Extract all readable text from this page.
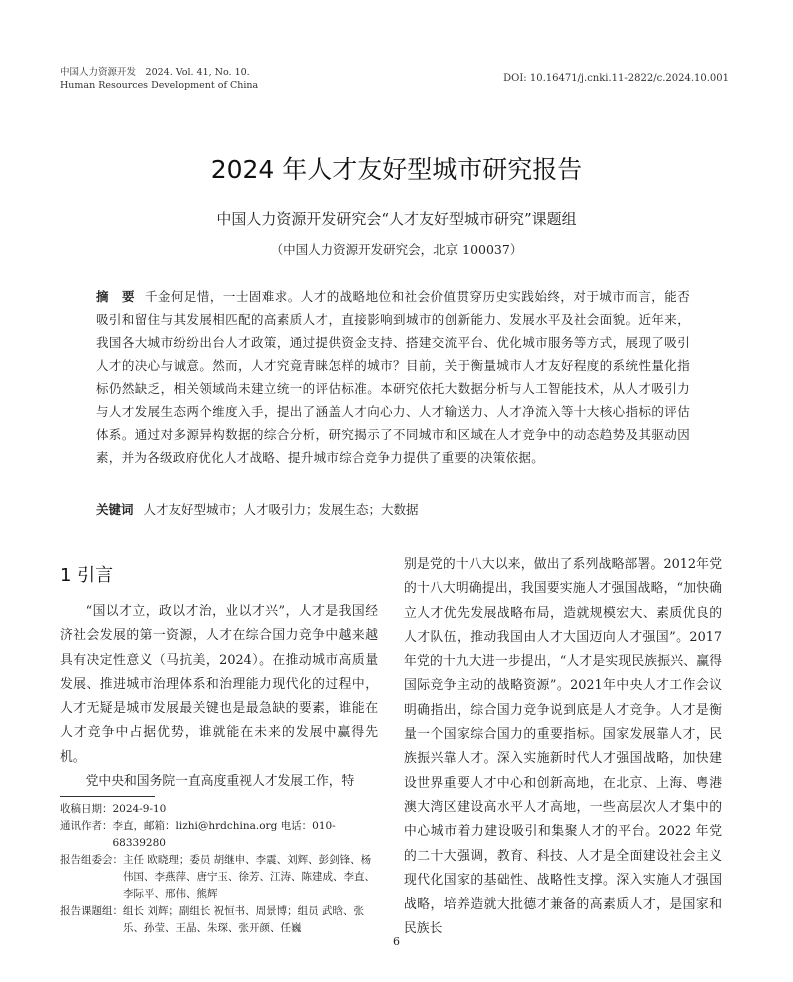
中国人力资源开发　 2024. Vol. 41, No. 10.
Human Resources Development of China
DOI: 10.16471/j.cnki.11-2822/c.2024.10.001
2024 年人才友好型城市研究报告
中国人力资源开发研究会“人才友好型城市研究”课题组
（中国人力资源开发研究会，北京 100037）
摘　要 千金何足惜，一士固难求。人才的战略地位和社会价值贯穿历史实践始终，对于城市而言，能否吸引和留住与其发展相匹配的高素质人才，直接影响到城市的创新能力、发展水平及社会面貌。近年来，我国各大城市纷纷出台人才政策，通过提供资金支持、搭建交流平台、优化城市服务等方式，展现了吸引人才的决心与诚意。然而，人才究竟青睐怎样的城市？目前，关于衡量城市人才友好程度的系统性量化指标仍然缺乏，相关领域尚未建立统一的评估标准。本研究依托大数据分析与人工智能技术，从人才吸引力与人才发展生态两个维度入手，提出了涵盖人才向心力、人才输送力、人才净流入等十大核心指标的评估体系。通过对多源异构数据的综合分析，研究揭示了不同城市和区域在人才竞争中的动态趋势及其驱动因素，并为各级政府优化人才战略、提升城市综合竞争力提供了重要的决策依据。
关键词 人才友好型城市；人才吸引力；发展生态；大数据
1 引言

“国以才立，政以才治，业以才兴”，人才是我国经济社会发展的第一资源，人才在综合国力竞争中越来越具有决定性意义（马抗美，2024）。在推动城市高质量发展、推进城市治理体系和治理能力现代化的过程中，人才无疑是城市发展最关键也是最急缺的要素，谁能在人才竞争中占据优势，谁就能在未来的发展中赢得先机。

党中央和国务院一直高度重视人才发展工作，特

别是党的十八大以来，做出了系列战略部署。2012年党的十八大明确提出，我国要实施人才强国战略，“加快确立人才优先发展战略布局，造就规模宏大、素质优良的人才队伍，推动我国由人才大国迈向人才强国”。2017年党的十九大进一步提出，“人才是实现民族振兴、赢得国际竞争主动的战略资源”。2021年中央人才工作会议明确指出，综合国力竞争说到底是人才竞争。人才是衡量一个国家综合国力的重要指标。国家发展靠人才，民族振兴靠人才。深入实施新时代人才强国战略，加快建设世界重要人才中心和创新高地，在北京、上海、粤港澳大湾区建设高水平人才高地，一些高层次人才集中的中心城市着力建设吸引和集聚人才的平台。2022 年党的二十大强调，教育、科技、人才是全面建设社会主义现代化国家的基础性、战略性支撑。深入实施人才强国战略，培养造就大批德才兼备的高素质人才，是国家和民族长

收稿日期： 2024-9-10
通讯作者： 李直，邮箱：lizhi@hrdchina.org 电话：010-68339280
报告组委会： 主任 欧晓理；委员 胡继申、李震、刘辉、彭剑锋、杨伟国、李燕萍、唐宁玉、徐芳、江涛、陈建成、李直、李际平、邢伟、熊辉
报告课题组： 组长 刘辉；副组长 祝恒书、周景博；组员 武晗、张乐、孙莹、王晶、朱琛、张开颜、任巍
6
